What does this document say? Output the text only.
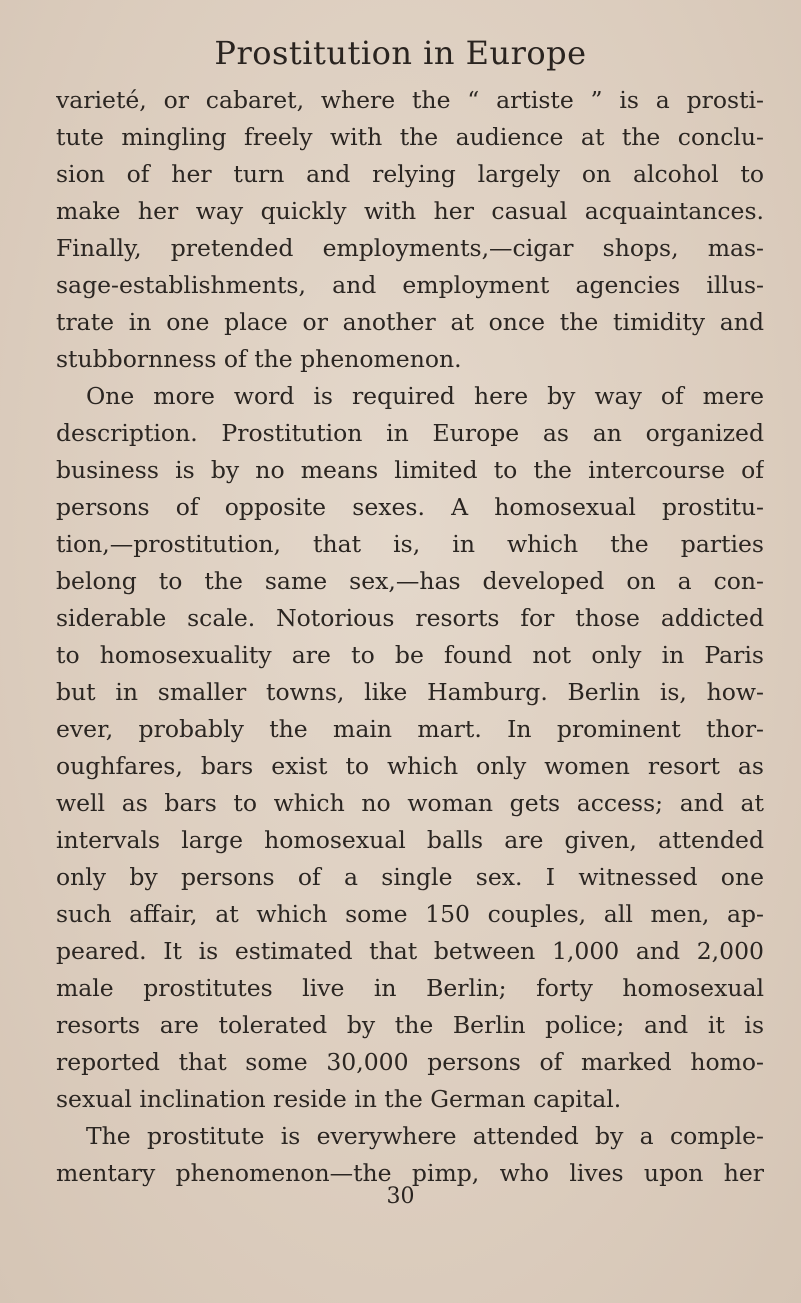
Prostitution in Europe
varieté, or cabaret, where the “ artiste ” is a prosti-
tute mingling freely with the audience at the conclu-
sion of her turn and relying largely on alcohol to
make her way quickly with her casual acquaintances.
Finally, pretended employments,—cigar shops, mas-
sage-establishments, and employment agencies illus-
trate in one place or another at once the timidity and
stubbornness of the phenomenon.
One more word is required here by way of mere
description. Prostitution in Europe as an organized
business is by no means limited to the intercourse of
persons of opposite sexes. A homosexual prostitu-
tion,—prostitution, that is, in which the parties
belong to the same sex,—has developed on a con-
siderable scale. Notorious resorts for those addicted
to homosexuality are to be found not only in Paris
but in smaller towns, like Hamburg. Berlin is, how-
ever, probably the main mart. In prominent thor-
oughfares, bars exist to which only women resort as
well as bars to which no woman gets access; and at
intervals large homosexual balls are given, attended
only by persons of a single sex. I witnessed one
such affair, at which some 150 couples, all men, ap-
peared. It is estimated that between 1,000 and 2,000
male prostitutes live in Berlin; forty homosexual
resorts are tolerated by the Berlin police; and it is
reported that some 30,000 persons of marked homo-
sexual inclination reside in the German capital.
The prostitute is everywhere attended by a comple-
mentary phenomenon—the pimp, who lives upon her
30
